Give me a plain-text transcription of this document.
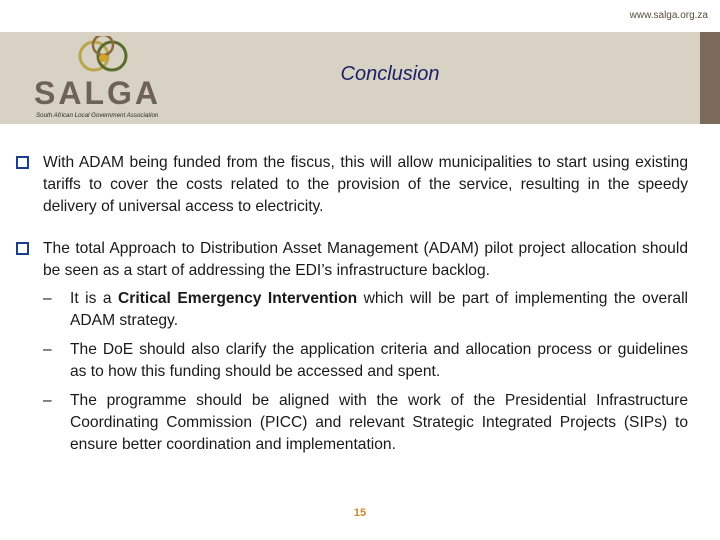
www.salga.org.za
SALGA
South African Local Government Association
Conclusion
With ADAM being funded from the fiscus, this will allow municipalities to start using existing tariffs to cover the costs related to the provision of the service, resulting in the speedy delivery of universal access to electricity.
The total Approach to Distribution Asset Management (ADAM) pilot project allocation should be seen as a start of addressing the EDI’s infrastructure backlog.
– It is a Critical Emergency Intervention which will be part of implementing the overall ADAM strategy.
– The DoE should also clarify the application criteria and allocation process or guidelines as to how this funding should be accessed and spent.
– The programme should be aligned with the work of the Presidential Infrastructure Coordinating Commission (PICC) and relevant Strategic Integrated Projects (SIPs) to ensure better coordination and implementation.
15
